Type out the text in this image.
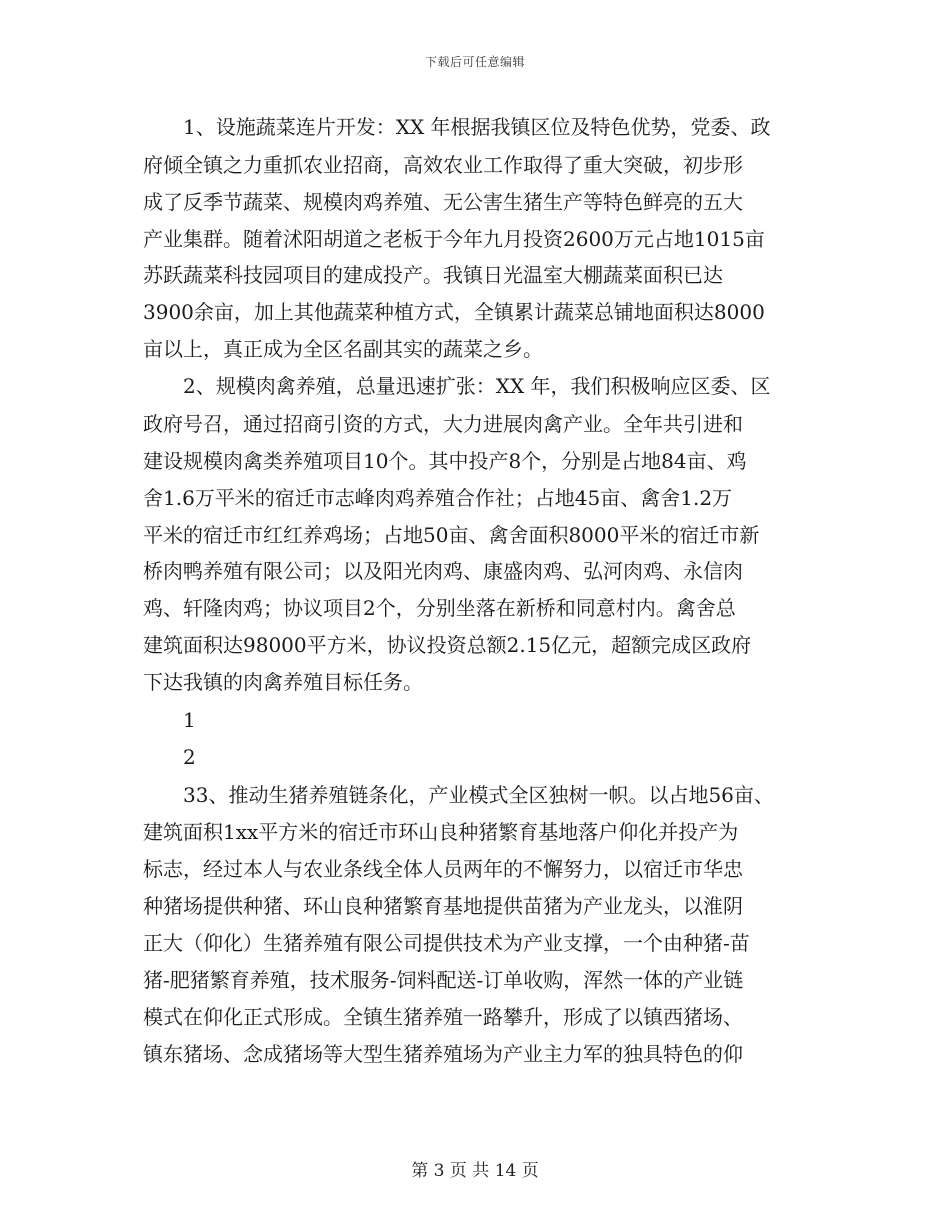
下载后可任意编辑
　　1、设施蔬菜连片开发：XX 年根据我镇区位及特色优势，党委、政
府倾全镇之力重抓农业招商，高效农业工作取得了重大突破，初步形
成了反季节蔬菜、规模肉鸡养殖、无公害生猪生产等特色鲜亮的五大
产业集群。随着沭阳胡道之老板于今年九月投资2600万元占地1015亩
苏跃蔬菜科技园项目的建成投产。我镇日光温室大棚蔬菜面积已达
3900余亩，加上其他蔬菜种植方式，全镇累计蔬菜总铺地面积达8000
亩以上，真正成为全区名副其实的蔬菜之乡。
　　2、规模肉禽养殖，总量迅速扩张：XX 年，我们积极响应区委、区
政府号召，通过招商引资的方式，大力进展肉禽产业。全年共引进和
建设规模肉禽类养殖项目10个。其中投产8个，分别是占地84亩、鸡
舍1.6万平米的宿迁市志峰肉鸡养殖合作社；占地45亩、禽舍1.2万
平米的宿迁市红红养鸡场；占地50亩、禽舍面积8000平米的宿迁市新
桥肉鸭养殖有限公司；以及阳光肉鸡、康盛肉鸡、弘河肉鸡、永信肉
鸡、轩隆肉鸡；协议项目2个，分别坐落在新桥和同意村内。禽舍总
建筑面积达98000平方米，协议投资总额2.15亿元，超额完成区政府
下达我镇的肉禽养殖目标任务。
　　1
　　2
　　33、推动生猪养殖链条化，产业模式全区独树一帜。以占地56亩、
建筑面积1xx平方米的宿迁市环山良种猪繁育基地落户仰化并投产为
标志，经过本人与农业条线全体人员两年的不懈努力，以宿迁市华忠
种猪场提供种猪、环山良种猪繁育基地提供苗猪为产业龙头，以淮阴
正大（仰化）生猪养殖有限公司提供技术为产业支撑，一个由种猪-苗
猪-肥猪繁育养殖，技术服务-饲料配送-订单收购，浑然一体的产业链
模式在仰化正式形成。全镇生猪养殖一路攀升，形成了以镇西猪场、
镇东猪场、念成猪场等大型生猪养殖场为产业主力军的独具特色的仰
第 3 页 共 14 页
